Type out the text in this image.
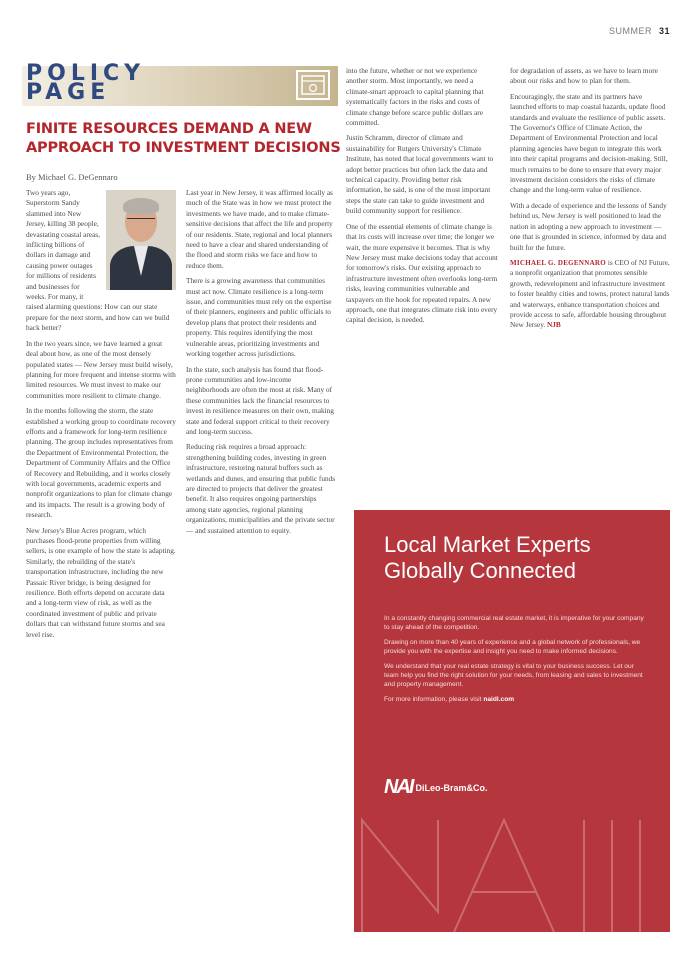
SUMMER 31
POLICY
PAGE
FINITE RESOURCES DEMAND A NEW APPROACH TO INVESTMENT DECISIONS
By Michael G. DeGennaro

Two years ago, Superstorm Sandy slammed into New Jersey, killing 38 people, devastating coastal areas, inflicting billions of dollars in damage and causing power outages for millions of residents and businesses for weeks. For many, it raised alarming questions: How can our state prepare for the next storm, and how can we build back better?

In the two years since, we have learned a great deal about how, as one of the most densely populated states — New Jersey must build wisely, planning for more frequent and intense storms with limited resources. We must invest to make our communities more resilient to climate change.

In the months following the storm, the state established a working group to coordinate recovery efforts and a framework for long-term resilience planning. The group includes representatives from the Department of Environmental Protection, the Department of Community Affairs and the Office of Recovery and Rebuilding, and it works closely with local governments, academic experts and nonprofit organizations to plan for climate change and its impacts. The result is a growing body of research.

New Jersey's Blue Acres program, which purchases flood-prone properties from willing sellers, is one example of how the state is adapting. Similarly, the rebuilding of the state's transportation infrastructure, including the new Passaic River bridge, is being designed for resilience. Both efforts depend on accurate data and a long-term view of risk, as well as the coordinated investment of public and private dollars that can withstand future storms and sea level rise.

Last year in New Jersey, it was affirmed locally as much of the State was in how we must protect the investments we have made, and to make climate-sensitive decisions that affect the life and property of our residents. State, regional and local planners need to have a clear and shared understanding of the flood and storm risks we face and how to reduce them.

There is a growing awareness that communities must act now. Climate resilience is a long-term issue, and communities must rely on the expertise of their planners, engineers and public officials to develop plans that protect their residents and property. This requires identifying the most vulnerable areas, prioritizing investments and working together across jurisdictions.

In the state, such analysis has found that flood-prone communities and low-income neighborhoods are often the most at risk. Many of these communities lack the financial resources to invest in resilience measures on their own, making state and federal support critical to their recovery and long-term success.

Reducing risk requires a broad approach: strengthening building codes, investing in green infrastructure, restoring natural buffers such as wetlands and dunes, and ensuring that public funds are directed to projects that deliver the greatest benefit. It also requires ongoing partnerships among state agencies, regional planning organizations, municipalities and the private sector — and sustained attention to equity.

into the future, whether or not we experience another storm. Most importantly, we need a climate-smart approach to capital planning that systematically factors in the risks and costs of climate change before scarce public dollars are committed.

Justin Schramm, director of climate and sustainability for Rutgers University's Climate Institute, has noted that local governments want to adopt better practices but often lack the data and technical capacity. Providing better risk information, he said, is one of the most important steps the state can take to guide investment and build community support for resilience.

One of the essential elements of climate change is that its costs will increase over time; the longer we wait, the more expensive it becomes. That is why New Jersey must make decisions today that account for tomorrow's risks. Our existing approach to infrastructure investment often overlooks long-term risks, leaving communities vulnerable and taxpayers on the hook for repeated repairs. A new approach, one that integrates climate risk into every capital decision, is needed.

for degradation of assets, as we have to learn more about our risks and how to plan for them.

Encouragingly, the state and its partners have launched efforts to map coastal hazards, update flood standards and evaluate the resilience of public assets. The Governor's Office of Climate Action, the Department of Environmental Protection and local planning agencies have begun to integrate this work into their capital programs and decision-making. Still, much remains to be done to ensure that every major investment decision considers the risks of climate change and the long-term value of resilience.

With a decade of experience and the lessons of Sandy behind us, New Jersey is well positioned to lead the nation in adopting a new approach to investment — one that is grounded in science, informed by data and built for the future.

MICHAEL G. DEGENNARO is CEO of NJ Future, a nonprofit organization that promotes sensible growth, redevelopment and infrastructure investment to foster healthy cities and towns, protect natural lands and waterways, enhance transportation choices and provide access to safe, affordable housing throughout New Jersey. NJB

Local Market Experts Globally Connected

In a constantly changing commercial real estate market, it is imperative for your company to stay ahead of the competition.

Drawing on more than 40 years of experience and a global network of professionals, we provide you with the expertise and insight you need to make informed decisions.

We understand that your real estate strategy is vital to your business success. Let our team help you find the right solution for your needs, from leasing and sales to investment and property management.

For more information, please visit naidl.com

NAI DiLeo-Bram&Co.
